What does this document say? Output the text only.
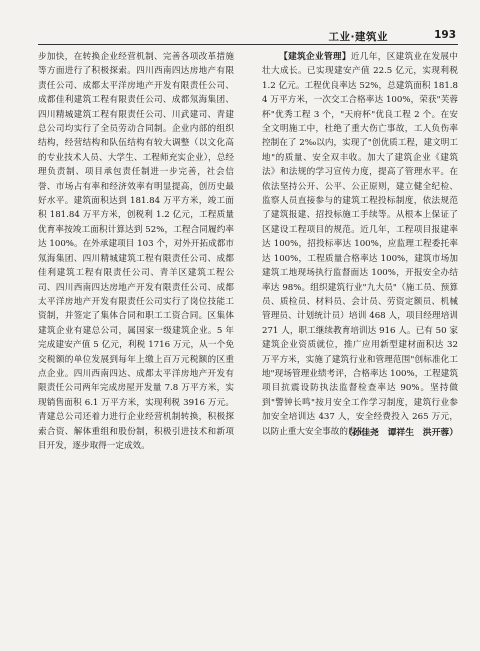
工业·建筑业	193

步加快，在转换企业经营机制、完善各项改革措施等方面进行了积极探索。四川西南四达房地产有限责任公司、成都太平洋房地产开发有限责任公司、成都佳利建筑工程有限责任公司、成都氖海集团、四川精城建筑工程有限责任公司、川武建司、青建总公司均实行了全员劳动合同制。企业内部的组织结构，经营结构和队伍结构有较大调整（以文化高的专业技术人员、大学生、工程师充实企业），总经理负责制、项目承包责任制进一步完善，社会信誉、市场占有率和经济效率有明显提高，创历史最好水平。建筑面积达到 181.84 万平方米，竣工面积 181.84 万平方米，创税利 1.2 亿元，工程质量优育率按竣工面积计算达到 52%，工程合同履约率达 100%。在外承建项目 103 个，对外开拓成都市氖海集团、四川精城建筑工程有限责任公司、成都佳利建筑工程有限责任公司、青羊区建筑工程公司、四川西南四达房地产开发有限责任公司、成都太平洋房地产开发有限责任公司实行了岗位技能工资制，并签定了集体合同和职工工资合同。区集体建筑企业有建总公司，属国家一级建筑企业。5 年完成建安产值 5 亿元，利税 1716 万元，从一个免交税额的单位发展到每年上缴上百万元税额的区重点企业。四川西南四达、成都太平洋房地产开发有限责任公司两年完成房屋开发量 7.8 万平方米，实现销售面积 6.1 万平方米，实现利税 3916 万元。青建总公司还着力进行企业经营机制转换，积极探索合资、解体重组和股份制，积极引进技术和新项目开发，逐步取得一定成效。

【建筑企业管理】近几年，区建筑业在发展中壮大成长。已实现建安产值 22.5 亿元，实现利税 1.2 亿元。工程优良率达 52%，总建筑面积 181.84 万平方米，一次交工合格率达 100%，荣获"芙蓉杯"优秀工程 3 个，"天府杯"优良工程 2 个。在安全文明施工中，杜绝了重大伤亡事故，工人负伤率控制在了 2‰以内，实现了"创优质工程，建文明工地"的质量、安全双丰收。加大了建筑企业《建筑法》和法规的学习宣传力度，提高了管理水平。在依法坚持公开、公平、公正原则，建立健全纪检、监察人员直接参与的建筑工程投标制度，依法规范了建筑报建、招投标施工手续等。从根本上保证了区建设工程项目的规范。近几年，工程项目报建率达 100%，招投标率达 100%，应监理工程委托率达 100%，工程质量合格率达 100%，建筑市场加建筑工地现场执行监督面达 100%，开报安全办结率达 98%。组织建筑行业"九大员"（施工员、预算员、质检员、材料员、会计员、劳资定额员、机械管理员、计划统计员）培训 468 人，项目经理培训 271 人，职工继续教育培训达 916 人。已有 50 家建筑企业资质就位，推广应用新型建材面积达 32 万平方米，实施了建筑行业和管理范围"创标准化工地"现场管理业绩考评，合格率达 100%，工程建筑项目抗震设防执法监督检查率达 90%。坚持做到"警钟长鸣"按月安全工作学习制度，建筑行业参加安全培训达 437 人，安全经费投入 265 万元，以防止重大安全事故的发生。

（孙佳尧　谭祥生　洪开蓉）
